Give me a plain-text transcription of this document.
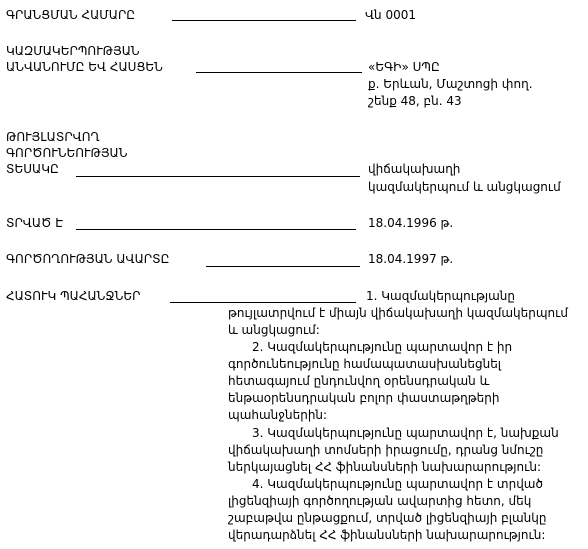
ԳՐԱՆՑՄԱՆ ՀԱՄԱՐԸ	Վն 0001
ԿԱԶՄԱԿԵՐՊՈՒԹՅԱՆ
ԱՆՎԱՆՈՒՄԸ ԵՎ ՀԱՍՑԵՆ	«ԵԳԻ» ՍՊԸ
ք. Երևան, Մաշտոցի փող.
շենք 48, բն. 43
ԹՈՒՅԼԱՏՐՎՈՂ
ԳՈՐԾՈՒՆԵՈՒԹՅԱՆ
ՏԵՍԱԿԸ	վիճակախաղի
կազմակերպում և անցկացում
ՏՐՎԱԾ Է	18.04.1996 թ.
ԳՈՐԾՈՂՈՒԹՅԱՆ ԱՎԱՐՏԸ	18.04.1997 թ.
ՀԱՏՈՒԿ ՊԱՀԱՆՋՆԵՐ	1. Կազմակերպությանը
թույլատրվում է միայն վիճակախաղի կազմակերպում
և անցկացում:
2. Կազմակերպությունը պարտավոր է իր
գործունեությունը համապատասխանեցնել
հետագայում ընդունվող օրենսդրական և
ենթաօրենսդրական բոլոր փաստաթղթերի
պահանջներին:
3. Կազմակերպությունը պարտավոր է, նախքան
վիճակախաղի տոմսերի իրացումը, դրանց նմուշը
ներկայացնել ՀՀ ֆինանսների նախարարություն:
4. Կազմակերպությունը պարտավոր է տրված
լիցենզիայի գործողության ավարտից հետո, մեկ
շաբաթվա ընթացքում, տրված լիցենզիայի բլանկը
վերադարձնել ՀՀ ֆինանսների նախարարություն:
